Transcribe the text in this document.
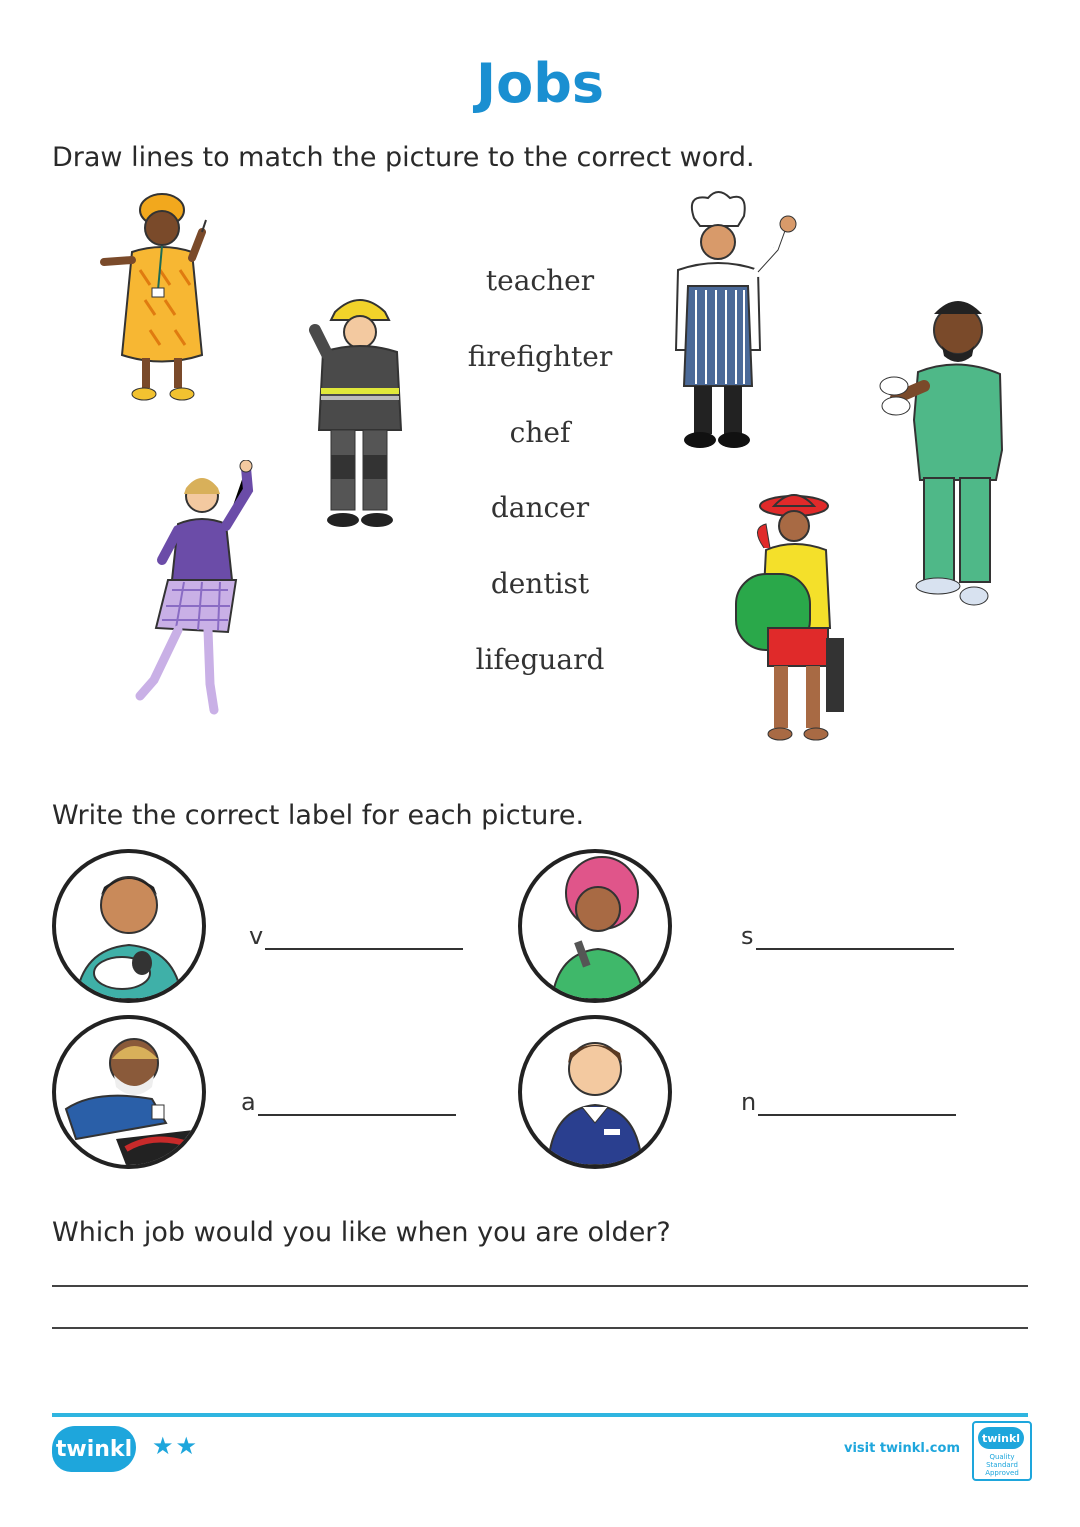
Jobs
Draw lines to match the picture to the correct word.
teacher
firefighter
chef
dancer
dentist
lifeguard
Write the correct label for each picture.
v	s
a	n
Which job would you like when you are older?
twinkl ★★	visit twinkl.com
twinkl
Quality Standard Approved
